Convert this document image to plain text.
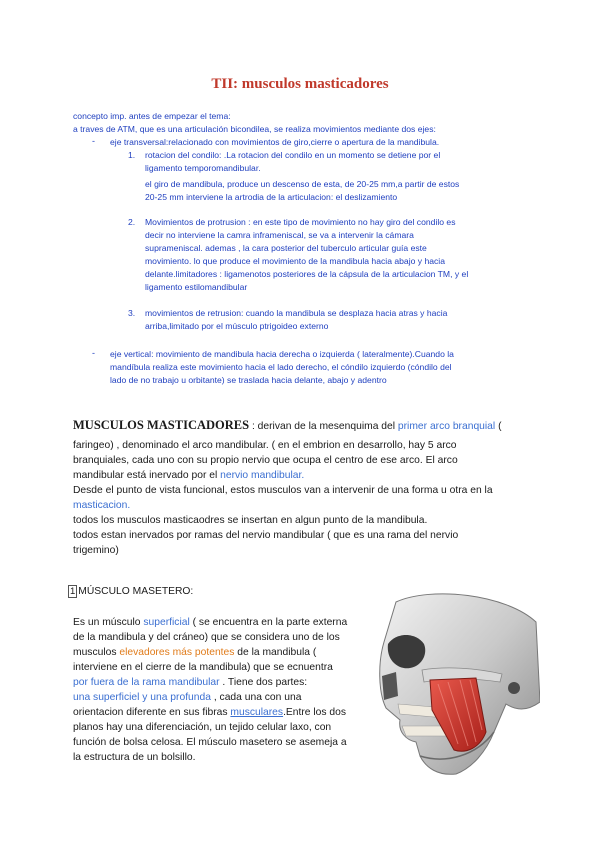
TII: musculos masticadores
concepto imp. antes de empezar el tema:
a traves de ATM, que es una articulación bicondilea, se realiza movimientos mediante dos ejes:
- eje transversal:relacionado con movimientos de giro,cierre o apertura de la mandibula.
1. rotacion del condilo: .La rotacion del condilo en un momento se detiene por el
ligamento temporomandibular.
el giro de mandibula, produce un descenso de esta, de 20-25 mm,a partir de estos
20-25 mm interviene la artrodia de la articulacion: el deslizamiento
2. Movimientos de protrusion : en este tipo de movimiento no hay giro del condilo es
decir no interviene la camra inframeniscal, se va a intervenir la cámara
suprameniscal. ademas , la cara posterior del tuberculo articular guía este
movimiento. lo que produce el movimiento de la mandibula hacia abajo y hacia
delante.limitadores : ligamenotos posteriores de la cápsula de la articulacion TM, y el
ligamento estilomandibular
3. movimientos de retrusion: cuando la mandibula se desplaza hacia atras y hacia
arriba,limitado por el músculo ptrigoideo externo
- eje vertical: movimiento de mandibula hacia derecha o izquierda ( lateralmente).Cuando la
mandíbula realiza este movimiento hacia el lado derecho, el cóndilo izquierdo (cóndilo del
lado de no trabajo u orbitante) se traslada hacia delante, abajo y adentro
MUSCULOS MASTICADORES : derivan de la mesenquima del primer arco branquial (
faringeo) , denominado el arco mandibular. ( en el embrion en desarrollo, hay 5 arco
branquiales, cada uno con su propio nervio que ocupa el centro de ese arco. El arco
mandibular está inervado por el nervio mandibular.
Desde el punto de vista funcional, estos musculos van a intervenir de una forma u otra en la
masticacion.
todos los musculos masticaodres se insertan en algun punto de la mandibula.
todos estan inervados por ramas del nervio mandibular ( que es una rama del nervio
trigemino)
1 MÚSCULO MASETERO:
Es un músculo superficial ( se encuentra en la parte externa
de la mandibula y del cráneo) que se considera uno de los
musculos elevadores más potentes de la mandibula (
interviene en el cierre de la mandibula) que se ecnuentra
por fuera de la rama mandibular . Tiene dos partes:
una superficiel y una profunda , cada una con una
orientacion diferente en sus fibras musculares.Entre los dos
planos hay una diferenciación, un tejido celular laxo, con
función de bolsa celosa. El músculo masetero se asemeja a
la estructura de un bolsillo.
